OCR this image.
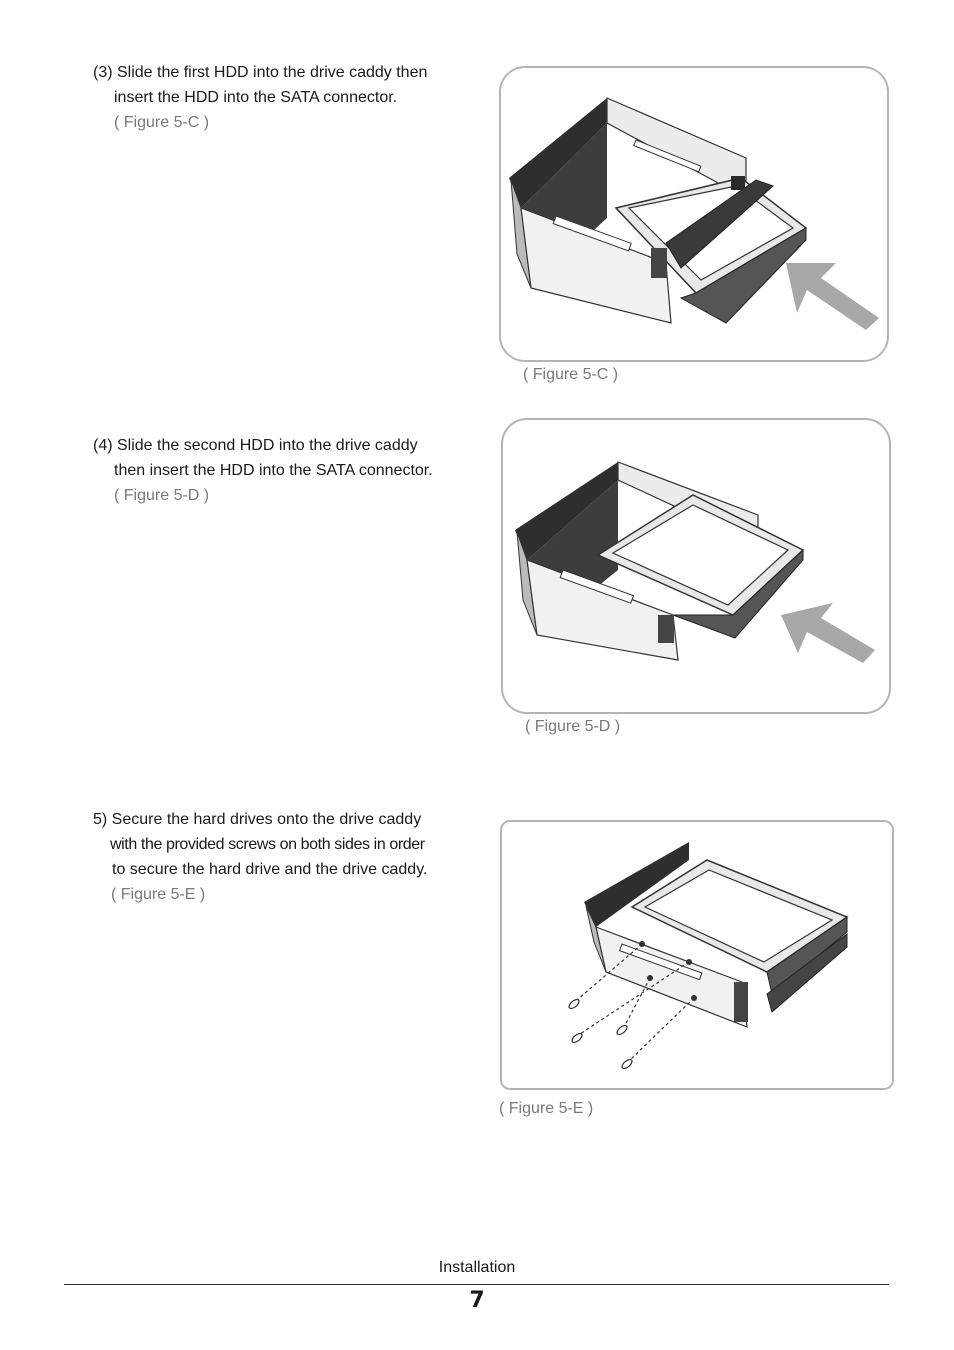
(3) Slide the first HDD into the drive caddy then
insert the HDD into the SATA connector.
( Figure 5-C )
( Figure 5-C )
(4) Slide the second HDD into the drive caddy
then insert the HDD into the SATA connector.
( Figure 5-D )
( Figure 5-D )
5) Secure the hard drives onto the drive caddy
with the provided screws on both sides in order
to secure the hard drive and the drive caddy.
( Figure 5-E )
( Figure 5-E )
Installation
7
